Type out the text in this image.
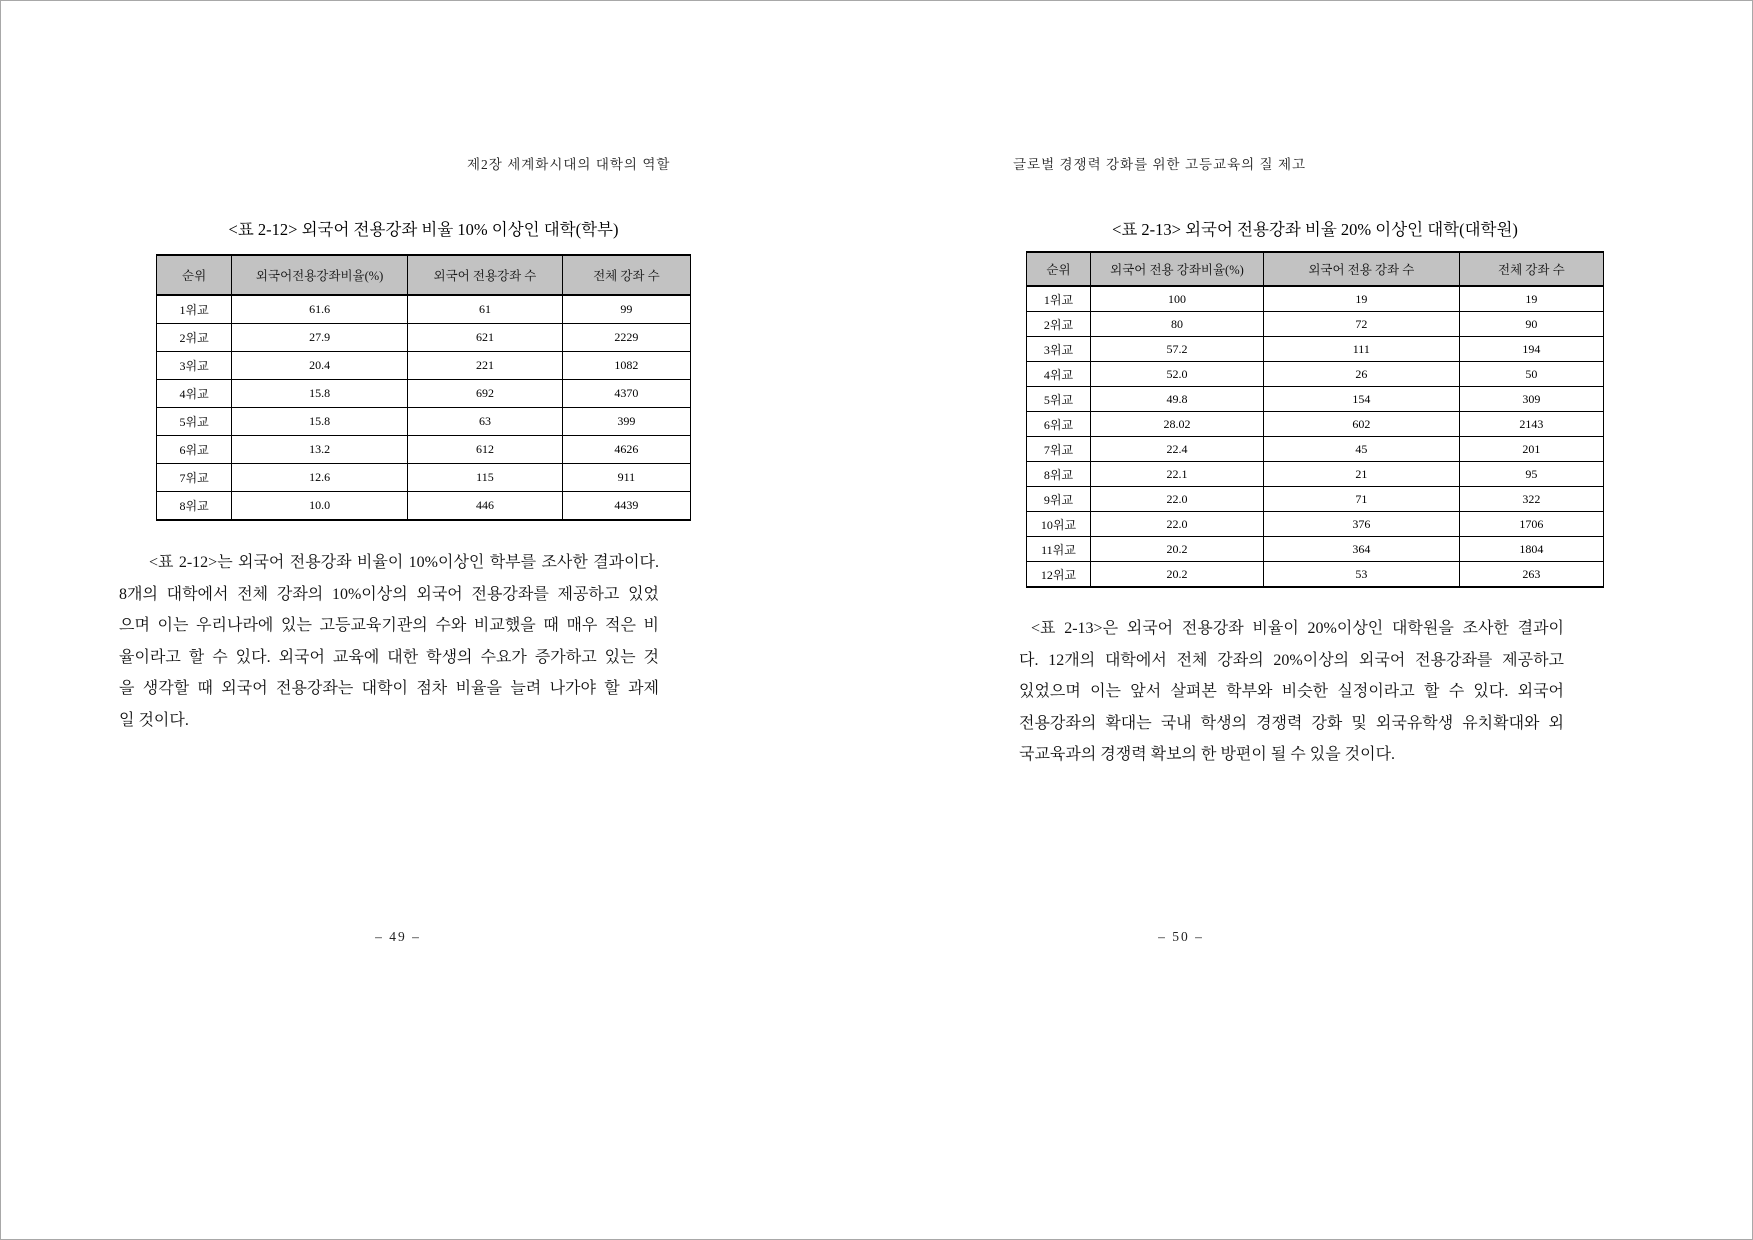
제2장 세계화시대의 대학의 역할
<표 2-12> 외국어 전용강좌 비율 10% 이상인 대학(학부)
순위	외국어전용강좌비율(%)	외국어 전용강좌 수	전체 강좌 수
1위교	61.6	61	99
2위교	27.9	621	2229
3위교	20.4	221	1082
4위교	15.8	692	4370
5위교	15.8	63	399
6위교	13.2	612	4626
7위교	12.6	115	911
8위교	10.0	446	4439
<표 2-12>는 외국어 전용강좌 비율이 10%이상인 학부를 조사한 결과이다.
8개의 대학에서 전체 강좌의 10%이상의 외국어 전용강좌를 제공하고 있었
으며 이는 우리나라에 있는 고등교육기관의 수와 비교했을 때 매우 적은 비
율이라고 할 수 있다. 외국어 교육에 대한 학생의 수요가 증가하고 있는 것
을 생각할 때 외국어 전용강좌는 대학이 점차 비율을 늘려 나가야 할 과제
일 것이다.
– 49 –
글로벌 경쟁력 강화를 위한 고등교육의 질 제고
<표 2-13> 외국어 전용강좌 비율 20% 이상인 대학(대학원)
순위	외국어 전용 강좌비율(%)	외국어 전용 강좌 수	전체 강좌 수
1위교	100	19	19
2위교	80	72	90
3위교	57.2	111	194
4위교	52.0	26	50
5위교	49.8	154	309
6위교	28.02	602	2143
7위교	22.4	45	201
8위교	22.1	21	95
9위교	22.0	71	322
10위교	22.0	376	1706
11위교	20.2	364	1804
12위교	20.2	53	263
<표 2-13>은 외국어 전용강좌 비율이 20%이상인 대학원을 조사한 결과이
다. 12개의 대학에서 전체 강좌의 20%이상의 외국어 전용강좌를 제공하고
있었으며 이는 앞서 살펴본 학부와 비슷한 실정이라고 할 수 있다. 외국어
전용강좌의 확대는 국내 학생의 경쟁력 강화 및 외국유학생 유치확대와 외
국교육과의 경쟁력 확보의 한 방편이 될 수 있을 것이다.
– 50 –
